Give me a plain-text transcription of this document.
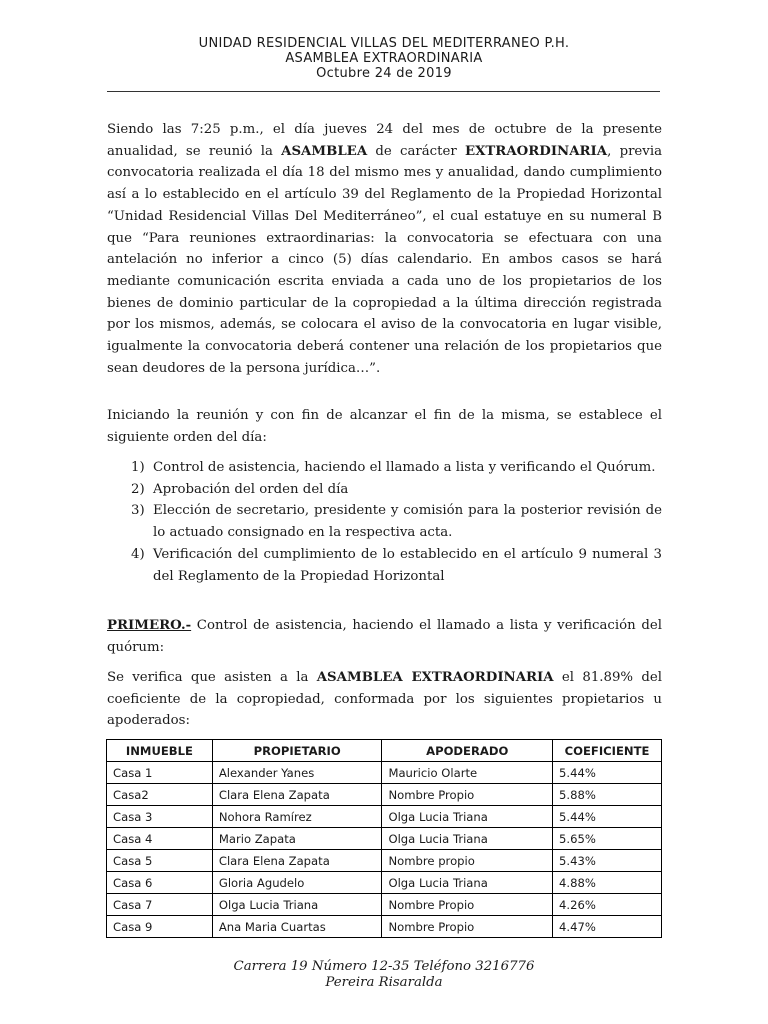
UNIDAD RESIDENCIAL VILLAS DEL MEDITERRANEO P.H.
ASAMBLEA EXTRAORDINARIA
Octubre 24 de 2019
Siendo las 7:25 p.m., el día jueves 24 del mes de octubre de la presente anualidad, se reunió la ASAMBLEA de carácter EXTRAORDINARIA, previa convocatoria realizada el día 18 del mismo mes y anualidad, dando cumplimiento así a lo establecido en el artículo 39 del Reglamento de la Propiedad Horizontal “Unidad Residencial Villas Del Mediterráneo”, el cual estatuye en su numeral B que “Para reuniones extraordinarias: la convocatoria se efectuara con una antelación no inferior a cinco (5) días calendario. En ambos casos se hará mediante comunicación escrita enviada a cada uno de los propietarios de los bienes de dominio particular de la copropiedad a la última dirección registrada por los mismos, además, se colocara el aviso de la convocatoria en lugar visible, igualmente la convocatoria deberá contener una relación de los propietarios que sean deudores de la persona jurídica…”.
Iniciando la reunión y con fin de alcanzar el fin de la misma, se establece el siguiente orden del día:
1) Control de asistencia, haciendo el llamado a lista y verificando el Quórum.
2) Aprobación del orden del día
3) Elección de secretario, presidente y comisión para la posterior revisión de lo actuado consignado en la respectiva acta.
4) Verificación del cumplimiento de lo establecido en el artículo 9 numeral 3 del Reglamento de la Propiedad Horizontal
PRIMERO.- Control de asistencia, haciendo el llamado a lista y verificación del quórum:
Se verifica que asisten a la ASAMBLEA EXTRAORDINARIA el 81.89% del coeficiente de la copropiedad, conformada por los siguientes propietarios u apoderados:
INMUEBLE	PROPIETARIO	APODERADO	COEFICIENTE
Casa 1	Alexander Yanes	Mauricio Olarte	5.44%
Casa2	Clara Elena Zapata	Nombre Propio	5.88%
Casa 3	Nohora Ramírez	Olga Lucia Triana	5.44%
Casa 4	Mario Zapata	Olga Lucia Triana	5.65%
Casa 5	Clara Elena Zapata	Nombre propio	5.43%
Casa 6	Gloria Agudelo	Olga Lucia Triana	4.88%
Casa 7	Olga Lucia Triana	Nombre Propio	4.26%
Casa 9	Ana Maria Cuartas	Nombre Propio	4.47%
Carrera 19 Número 12-35 Teléfono 3216776
Pereira Risaralda
